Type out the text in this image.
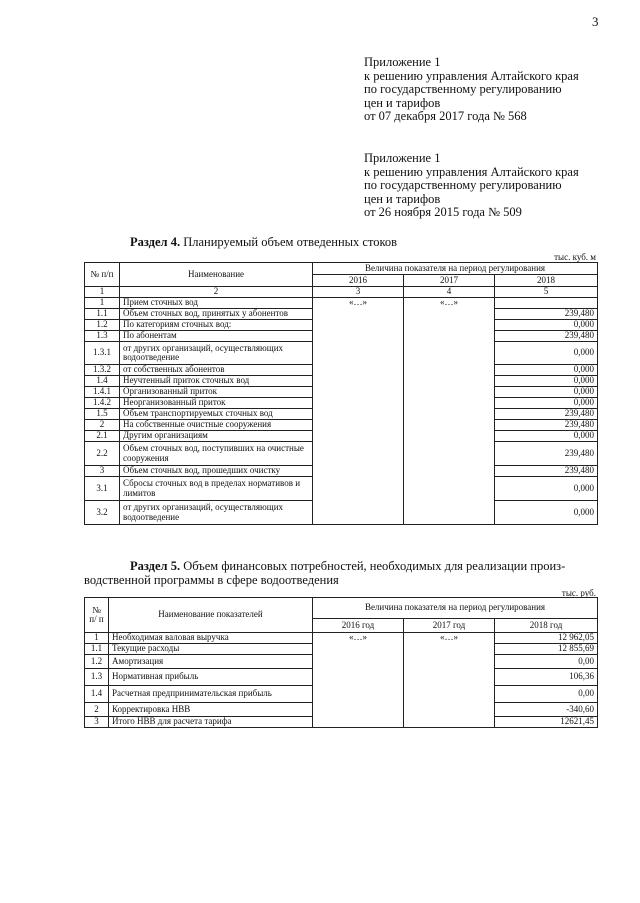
3
Приложение 1
к решению управления Алтайского края
по государственному регулированию
цен и тарифов
от 07 декабря 2017 года № 568
Приложение 1
к решению управления Алтайского края
по государственному регулированию
цен и тарифов
от 26 ноября 2015 года № 509
Раздел 4. Планируемый объем отведенных стоков
тыс. куб. м
№ п/п	Наименование	Величина показателя на период регулирования		
		2016	2017	2018
1	2	3	4	5
1	Прием сточных вод	«…»	«…»	
1.1	Объем сточных вод, принятых у абонентов			239,480
1.2	По категориям сточных вод:			0,000
1.3	По абонентам			239,480
1.3.1	от других организаций, осуществляющих водоотведение			0,000
1.3.2	от собственных абонентов			0,000
1.4	Неучтенный приток сточных вод			0,000
1.4.1	Организованный приток			0,000
1.4.2	Неорганизованный приток			0,000
1.5	Объем транспортируемых сточных вод			239,480
2	На собственные очистные сооружения			239,480
2.1	Другим организациям			0,000
2.2	Объем сточных вод, поступивших на очистные сооружения			239,480
3	Объем сточных вод, прошедших очистку			239,480
3.1	Сбросы сточных вод в пределах нормативов и лимитов			0,000
3.2	от других организаций, осуществляющих водоотведение			0,000
Раздел 5. Объем финансовых потребностей, необходимых для реализации произ-
водственной программы в сфере водоотведения
тыс. руб.
№ п/ п	Наименование показателей	Величина показателя на период регулирования		
		2016 год	2017 год	2018 год
1	Необходимая валовая выручка	«…»	«…»	12 962,05
1.1	Текущие расходы			12 855,69
1.2	Амортизация			0,00
1.3	Нормативная прибыль			106,36
1.4	Расчетная предпринимательская прибыль			0,00
2	Корректировка НВВ			-340,60
3	Итого НВВ для расчета тарифа			12621,45
